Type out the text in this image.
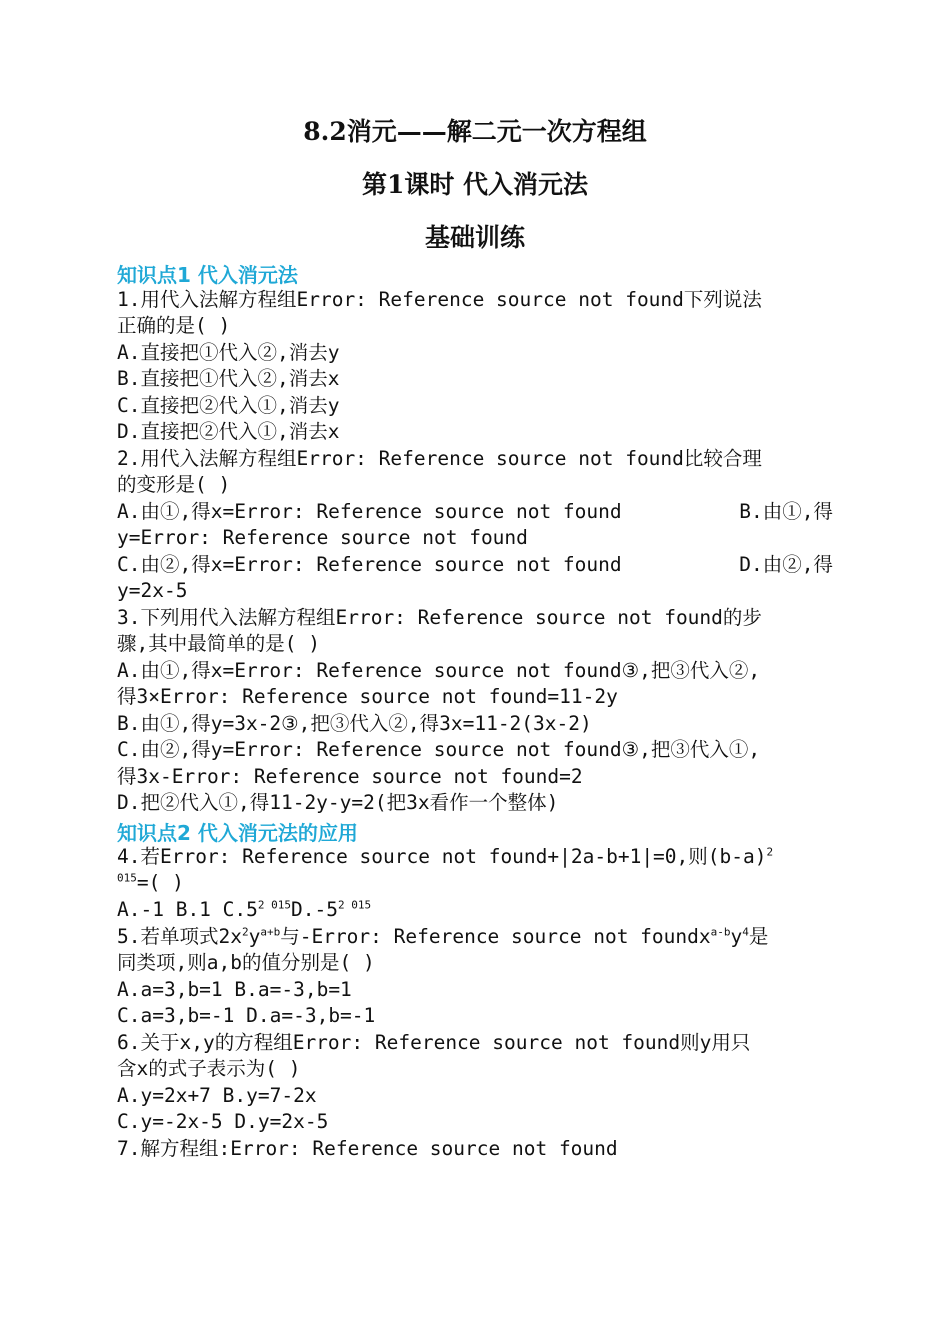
8.2消元——解二元一次方程组
第1课时 代入消元法
基础训练
知识点1 代入消元法
1.用代入法解方程组Error: Reference source not found下列说法
正确的是( )
A.直接把①代入②,消去y
B.直接把①代入②,消去x
C.直接把②代入①,消去y
D.直接把②代入①,消去x
2.用代入法解方程组Error: Reference source not found比较合理
的变形是( )
A.由①,得x=Error: Reference source not found	B.由①,得
y=Error: Reference source not found
C.由②,得x=Error: Reference source not found	D.由②,得
y=2x-5
3.下列用代入法解方程组Error: Reference source not found的步
骤,其中最简单的是( )
A.由①,得x=Error: Reference source not found③,把③代入②,
得3×Error: Reference source not found=11-2y
B.由①,得y=3x-2③,把③代入②,得3x=11-2(3x-2)
C.由②,得y=Error: Reference source not found③,把③代入①,
得3x-Error: Reference source not found=2
D.把②代入①,得11-2y-y=2(把3x看作一个整体)
知识点2 代入消元法的应用
4.若Error: Reference source not found+|2a-b+1|=0,则$(b-a)^2$
$^{015}$=( )
A.-1 B.1 $C.5^{2 015}D.-5^{2 015}$
5.若单项式$2x^2y^{a+b}$与-Error: Reference source not $foundx^{a-b}y^4$是
同类项,则a,b的值分别是( )
A.a=3,b=1 B.a=-3,b=1
C.a=3,b=-1 D.a=-3,b=-1
6.关于x,y的方程组Error: Reference source not found则y用只
含x的式子表示为( )
A.y=2x+7 B.y=7-2x
C.y=-2x-5 D.y=2x-5
7.解方程组:Error: Reference source not found
